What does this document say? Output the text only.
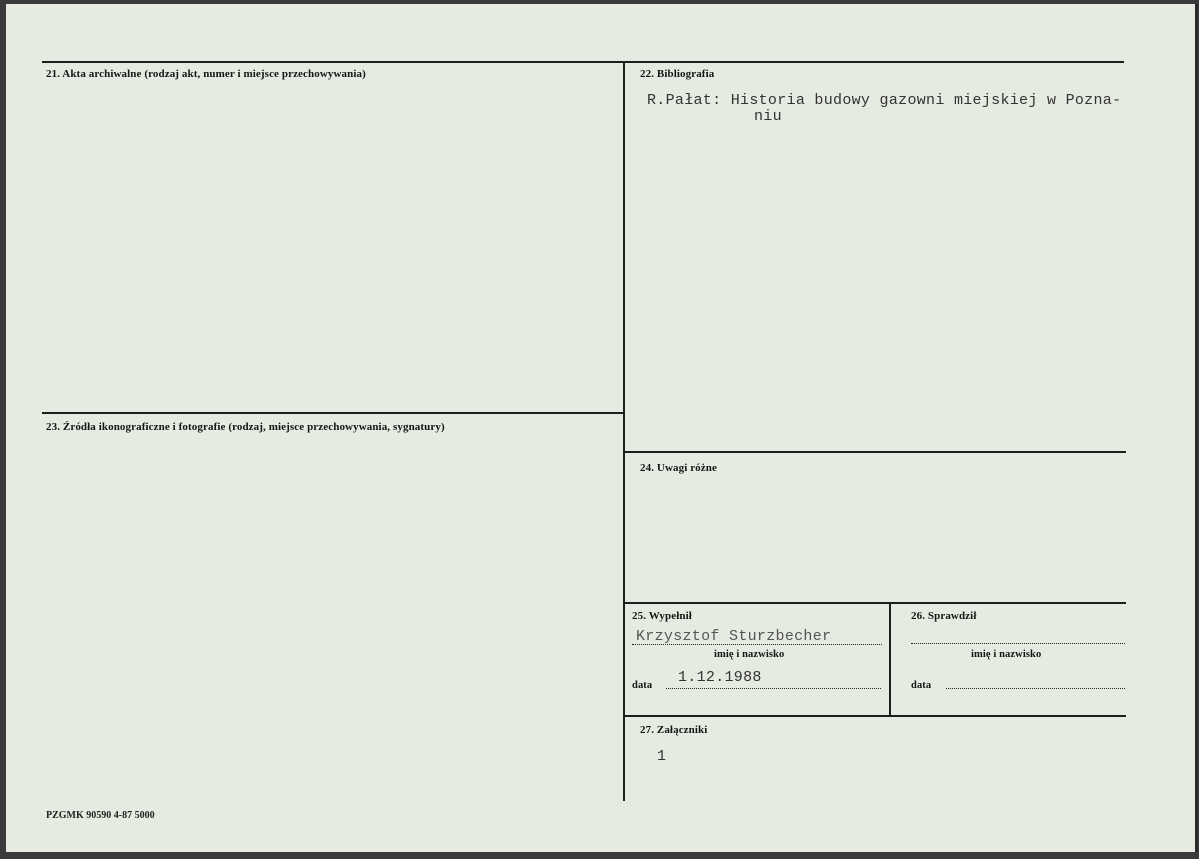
21. Akta archiwalne (rodzaj akt, numer i miejsce przechowywania)	22. Bibliografia
R.Pałat: Historia budowy gazowni miejskiej w Pozna-
niu
23. Źródła ikonograficzne i fotografie (rodzaj, miejsce przechowywania, sygnatury)
24. Uwagi różne
25. Wypełnił
Krzysztof Sturzbecher
imię i nazwisko
data 1.12.1988
26. Sprawdził
imię i nazwisko
data
27. Załączniki
1
PZGMK 90590 4-87 5000
